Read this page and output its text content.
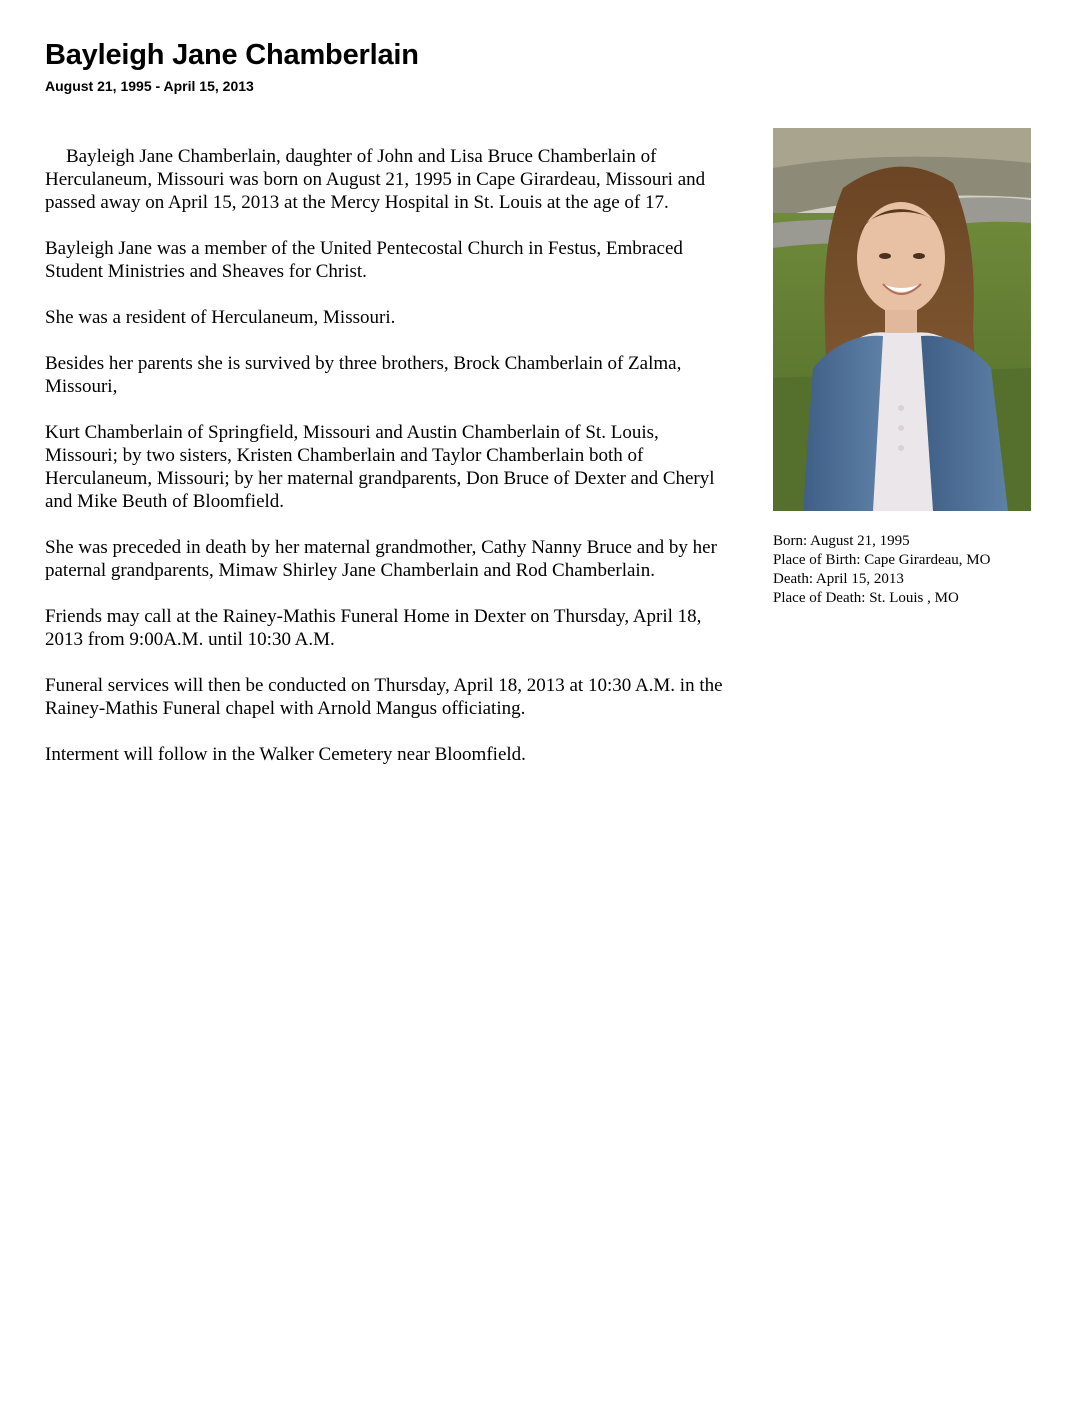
Bayleigh Jane Chamberlain
August 21, 1995 - April 15, 2013

Bayleigh Jane Chamberlain, daughter of John and Lisa Bruce Chamberlain of Herculaneum, Missouri was born on August 21, 1995 in Cape Girardeau, Missouri and passed away on April 15, 2013 at the Mercy Hospital in St. Louis at the age of 17.

Bayleigh Jane was a member of the United Pentecostal Church in Festus, Embraced Student Ministries and Sheaves for Christ.

She was a resident of Herculaneum, Missouri.

Besides her parents she is survived by three brothers, Brock Chamberlain of Zalma, Missouri,

Kurt Chamberlain of Springfield, Missouri and Austin Chamberlain of St. Louis, Missouri; by two sisters, Kristen Chamberlain and Taylor Chamberlain both of Herculaneum, Missouri; by her maternal grandparents, Don Bruce of Dexter and Cheryl and Mike Beuth of Bloomfield.

She was preceded in death by her maternal grandmother, Cathy Nanny Bruce and by her paternal grandparents, Mimaw Shirley Jane Chamberlain and Rod Chamberlain.

Friends may call at the Rainey-Mathis Funeral Home in Dexter on Thursday, April 18, 2013 from 9:00A.M. until 10:30 A.M.

Funeral services will then be conducted on Thursday, April 18, 2013 at 10:30 A.M. in the Rainey-Mathis Funeral chapel with Arnold Mangus officiating.

Interment will follow in the Walker Cemetery near Bloomfield.

Born: August 21, 1995
Place of Birth: Cape Girardeau, MO
Death: April 15, 2013
Place of Death: St. Louis , MO
